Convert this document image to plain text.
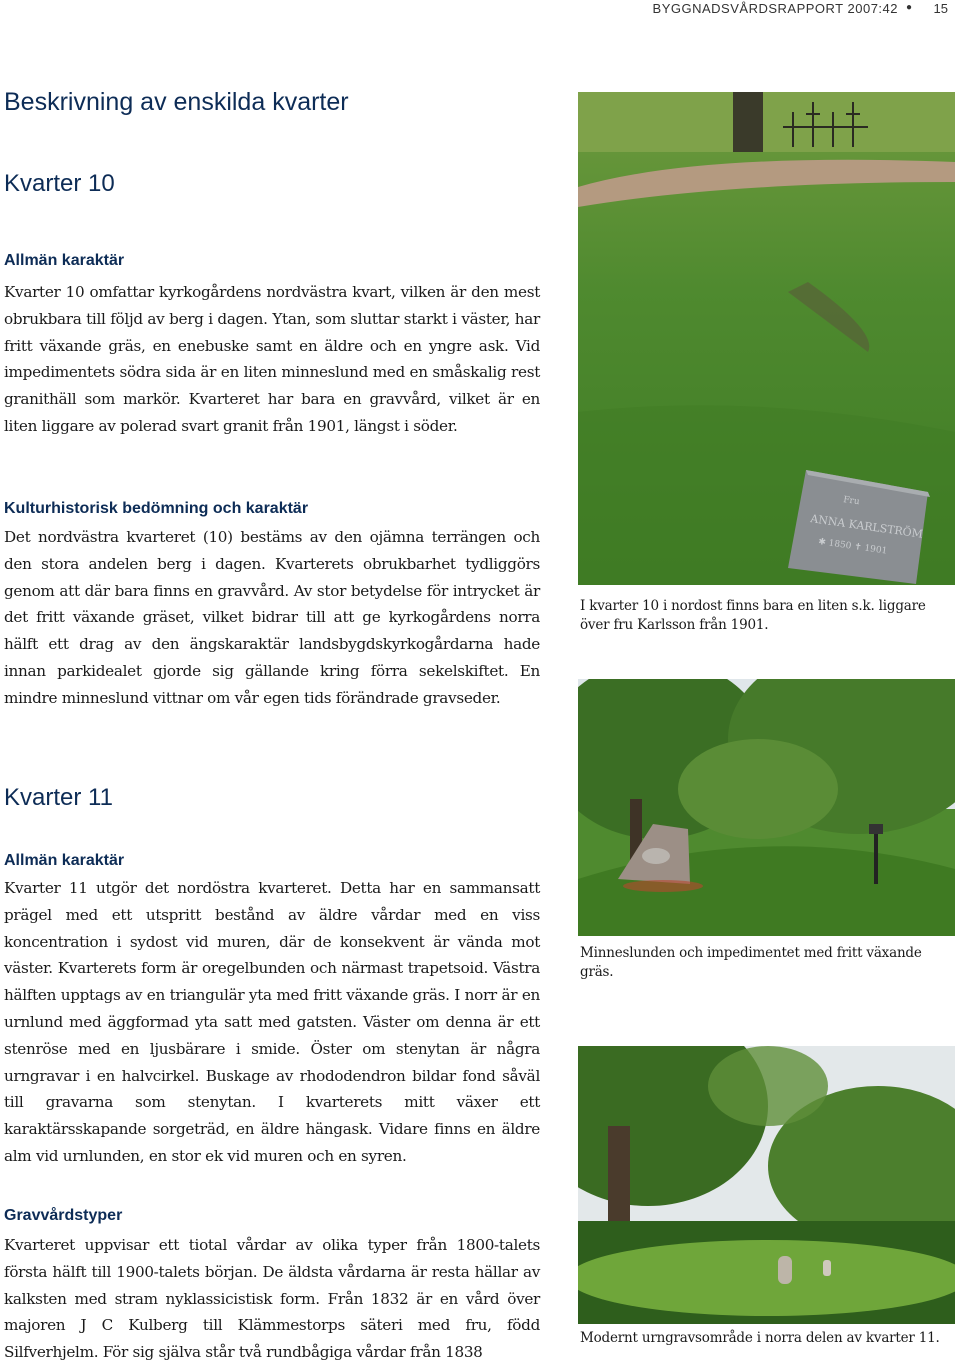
BYGGNADSVÅRDSRAPPORT 2007:42 ● 15
Beskrivning av enskilda kvarter
Kvarter 10
Allmän karaktär

Kvarter 10 omfattar kyrkogårdens nordvästra kvart, vilken är den mest obrukbara till följd av berg i dagen. Ytan, som sluttar starkt i väster, har fritt växande gräs, en enebuske samt en äldre och en yngre ask. Vid impedimentets södra sida är en liten minneslund med en småskalig rest granithäll som markör. Kvarteret har bara en gravvård, vilket är en liten liggare av polerad svart granit från 1901, längst i söder.

Kulturhistorisk bedömning och karaktär

Det nordvästra kvarteret (10) bestäms av den ojämna terrängen och den stora andelen berg i dagen. Kvarterets obrukbarhet tydliggörs genom att där bara finns en gravvård. Av stor betydelse för intrycket är det fritt växande gräset, vilket bidrar till att ge kyrkogårdens norra hälft ett drag av den ängskaraktär landsbygdskyrkogårdarna hade innan parkidealet gjorde sig gällande kring förra sekelskiftet. En mindre minneslund vittnar om vår egen tids förändrade gravseder.

Kvarter 11
Allmän karaktär

Kvarter 11 utgör det nordöstra kvarteret. Detta har en sammansatt prägel med ett utspritt bestånd av äldre vårdar med en viss koncentration i sydost vid muren, där de konsekvent är vända mot väster. Kvarterets form är oregelbunden och närmast trapetsoid. Västra hälften upptags av en triangulär yta med fritt växande gräs. I norr är en urnlund med äggformad yta satt med gatsten. Väster om denna är ett stenröse med en ljusbärare i smide. Öster om stenytan är några urngravar i en halvcirkel. Buskage av rhododendron bildar fond såväl till gravarna som stenytan. I kvarterets mitt växer ett karaktärsskapande sorgeträd, en äldre hängask. Vidare finns en äldre alm vid urnlunden, en stor ek vid muren och en syren.

Gravvårdstyper

Kvarteret uppvisar ett tiotal vårdar av olika typer från 1800-talets första hälft till 1900-talets början. De äldsta vårdarna är resta hällar av kalksten med stram nyklassicistisk form. Från 1832 är en vård över majoren J C Kulberg till Klämmestorps säteri med fru, född Silfverhjelm. För sig själva står två rundbågiga vårdar från 1838

Fru
ANNA KARLSTRÖM
✱ 1850 ✝ 1901

I kvarter 10 i nordost finns bara en liten s.k. liggare över fru Karlsson från 1901.

Minneslunden och impedimentet med fritt växande gräs.

Modernt urngravsområde i norra delen av kvarter 11.
